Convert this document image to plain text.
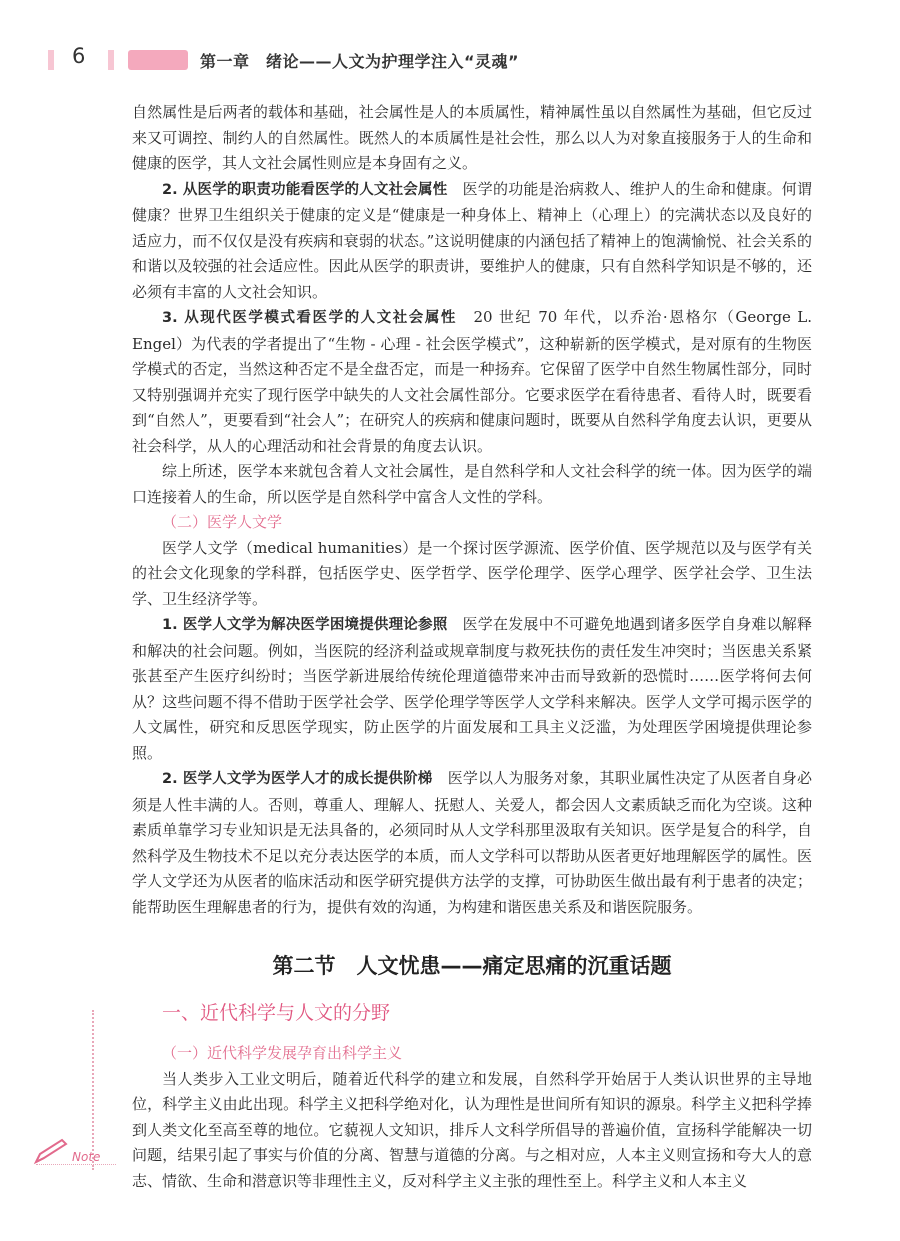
6	第一章　绪论——人文为护理学注入“灵魂”

自然属性是后两者的载体和基础，社会属性是人的本质属性，精神属性虽以自然属性为基础，但它反过来又可调控、制约人的自然属性。既然人的本质属性是社会性，那么以人为对象直接服务于人的生命和健康的医学，其人文社会属性则应是本身固有之义。

2. 从医学的职责功能看医学的人文社会属性　 医学的功能是治病救人、维护人的生命和健康。何谓健康？世界卫生组织关于健康的定义是“健康是一种身体上、精神上（心理上）的完满状态以及良好的适应力，而不仅仅是没有疾病和衰弱的状态。”这说明健康的内涵包括了精神上的饱满愉悦、社会关系的和谐以及较强的社会适应性。因此从医学的职责讲，要维护人的健康，只有自然科学知识是不够的，还必须有丰富的人文社会知识。

3. 从现代医学模式看医学的人文社会属性　 20 世纪 70 年代，以乔治·恩格尔（George L. Engel）为代表的学者提出了“生物 - 心理 - 社会医学模式”，这种崭新的医学模式，是对原有的生物医学模式的否定，当然这种否定不是全盘否定，而是一种扬弃。它保留了医学中自然生物属性部分，同时又特别强调并充实了现行医学中缺失的人文社会属性部分。它要求医学在看待患者、看待人时，既要看到“自然人”，更要看到“社会人”；在研究人的疾病和健康问题时，既要从自然科学角度去认识，更要从社会科学，从人的心理活动和社会背景的角度去认识。

综上所述，医学本来就包含着人文社会属性，是自然科学和人文社会科学的统一体。因为医学的端口连接着人的生命，所以医学是自然科学中富含人文性的学科。

（二）医学人文学

医学人文学（medical humanities）是一个探讨医学源流、医学价值、医学规范以及与医学有关的社会文化现象的学科群，包括医学史、医学哲学、医学伦理学、医学心理学、医学社会学、卫生法学、卫生经济学等。

1. 医学人文学为解决医学困境提供理论参照　 医学在发展中不可避免地遇到诸多医学自身难以解释和解决的社会问题。例如，当医院的经济利益或规章制度与救死扶伤的责任发生冲突时；当医患关系紧张甚至产生医疗纠纷时；当医学新进展给传统伦理道德带来冲击而导致新的恐慌时……医学将何去何从？这些问题不得不借助于医学社会学、医学伦理学等医学人文学科来解决。医学人文学可揭示医学的人文属性，研究和反思医学现实，防止医学的片面发展和工具主义泛滥，为处理医学困境提供理论参照。

2. 医学人文学为医学人才的成长提供阶梯　 医学以人为服务对象，其职业属性决定了从医者自身必须是人性丰满的人。否则，尊重人、理解人、抚慰人、关爱人，都会因人文素质缺乏而化为空谈。这种素质单靠学习专业知识是无法具备的，必须同时从人文学科那里汲取有关知识。医学是复合的科学，自然科学及生物技术不足以充分表达医学的本质，而人文学科可以帮助从医者更好地理解医学的属性。医学人文学还为从医者的临床活动和医学研究提供方法学的支撑，可协助医生做出最有利于患者的决定；能帮助医生理解患者的行为，提供有效的沟通，为构建和谐医患关系及和谐医院服务。

第二节　人文忧患——痛定思痛的沉重话题
一、近代科学与人文的分野

（一）近代科学发展孕育出科学主义

当人类步入工业文明后，随着近代科学的建立和发展，自然科学开始居于人类认识世界的主导地位，科学主义由此出现。科学主义把科学绝对化，认为理性是世间所有知识的源泉。科学主义把科学捧到人类文化至高至尊的地位。它藐视人文知识，排斥人文科学所倡导的普遍价值，宣扬科学能解决一切问题，结果引起了事实与价值的分离、智慧与道德的分离。与之相对应，人本主义则宣扬和夸大人的意志、情欲、生命和潜意识等非理性主义，反对科学主义主张的理性至上。科学主义和人本主义

Note
